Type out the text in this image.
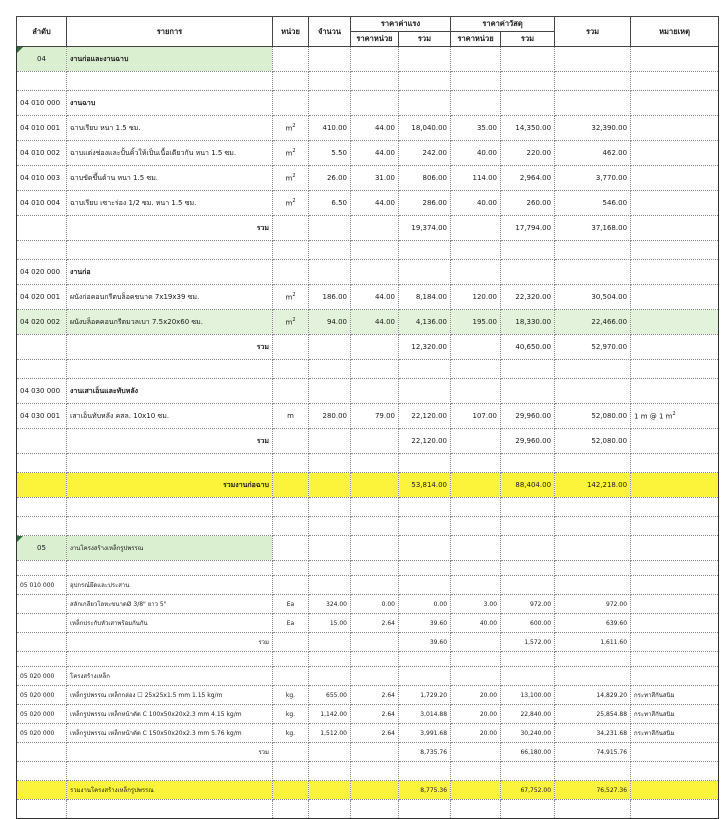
ลำดับ	รายการ	หน่วย	จำนวน	ราคาค่าแรง		ราคาค่าวัสดุ		รวม	หมายเหตุ
				ราคาหน่วย	รวม	ราคาหน่วย	รวม		

04	งานก่อและงานฉาบ								

04 010 000	งานฉาบ								
04 010 001	ฉาบเรียบ หนา 1.5 ซม.	$m^2$	410.00	44.00	18,040.00	35.00	14,350.00	32,390.00	
04 010 002	ฉาบแต่งช่องและปั้นคิ้วให้เป็นเนื้อเดียวกัน หนา 1.5 ซม.	$m^2$	5.50	44.00	242.00	40.00	220.00	462.00	
04 010 003	ฉาบขัดขึ้นด้าน หนา 1.5 ซม.	$m^2$	26.00	31.00	806.00	114.00	2,964.00	3,770.00	
04 010 004	ฉาบเรียบ เซาะร่อง 1/2 ซม. หนา 1.5 ซม.	$m^2$	6.50	44.00	286.00	40.00	260.00	546.00	
	รวม				19,374.00		17,794.00	37,168.00	

04 020 000	งานก่อ								
04 020 001	ผนังก่อคอนกรีตบล็อคขนาด 7x19x39 ซม.	$m^2$	186.00	44.00	8,184.00	120.00	22,320.00	30,504.00	
04 020 002	ผนังบล็อคคอนกรีตมวลเบา 7.5x20x60 ซม.	$m^2$	94.00	44.00	4,136.00	195.00	18,330.00	22,466.00	
	รวม				12,320.00		40,650.00	52,970.00	

04 030 000	งานเสาเอ็นและทับหลัง								
04 030 001	เสาเอ็นทับหลัง คสล. 10x10 ซม.	m	280.00	79.00	22,120.00	107.00	29,960.00	52,080.00	1 m @ 1 $m^2$
	รวม				22,120.00		29,960.00	52,080.00	

	รวมงานก่อฉาบ				53,814.00		88,404.00	142,218.00	

05	งานโครงสร้างเหล็กรูปพรรณ								

05 010 000	อุปกรณ์ยึดและประสาน								
	สลักเกลียวโลหะขนาดØ 3/8" ยาว 5"	Ea	324.00	0.00	0.00	3.00	972.00	972.00	
	เหล็กประกับหัวเสาพร้อมกันกัน	Ea	15.00	2.64	39.60	40.00	600.00	639.60	
	รวม				39.60		1,572.00	1,611.60	

05 020 000	โครงสร้างเหล็ก								
05 020 000	เหล็กรูปพรรณ เหล็กกล่อง ☐ 25x25x1.5 mm 1.15 kg/m	kg.	655.00	2.64	1,729.20	20.00	13,100.00	14,829.20	กระทาสีกันสนิม
05 020 000	เหล็กรูปพรรณ เหล็กหน้าตัด C 100x50x20x2.3 mm 4.15 kg/m	kg.	1,142.00	2.64	3,014.88	20.00	22,840.00	25,854.88	กระทาสีกันสนิม
05 020 000	เหล็กรูปพรรณ เหล็กหน้าตัด C 150x50x20x2.3 mm 5.76 kg/m	kg.	1,512.00	2.64	3,991.68	20.00	30,240.00	34,231.68	กระทาสีกันสนิม
	รวม				8,735.76		66,180.00	74,915.76	

	รวมงานโครงสร้างเหล็กรูปพรรณ				8,775.36		67,752.00	76,527.36	
